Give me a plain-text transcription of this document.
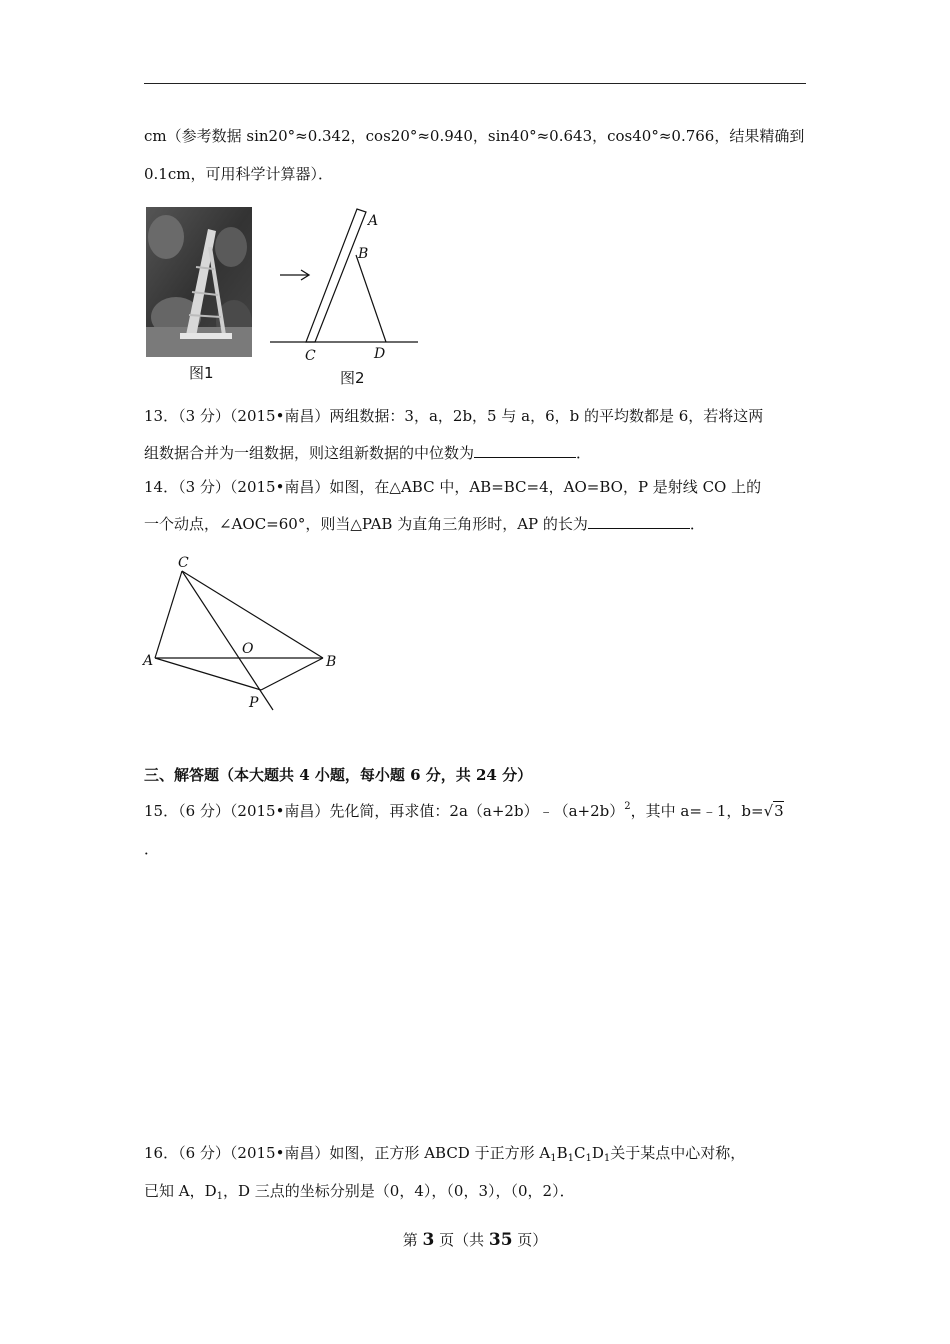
cm（参考数据 sin20°≈0.342，cos20°≈0.940，sin40°≈0.643，cos40°≈0.766，结果精确到
0.1cm，可用科学计算器）．
图1
A
B
C	D
图2
13．（3 分）（2015•南昌）两组数据：3，a，2b，5 与 a，6，b 的平均数都是 6，若将这两
组数据合并为一组数据，则这组新数据的中位数为	．
14．（3 分）（2015•南昌）如图，在△ABC 中，AB=BC=4，AO=BO，P 是射线 CO 上的
一个动点，∠AOC=60°，则当△PAB 为直角三角形时，AP 的长为	．
C
A
O
B
P
三、解答题（本大题共 4 小题，每小题 6 分，共 24 分）
15．（6 分）（2015•南昌）先化简，再求值：$2a(a+2b)﹣(a+2b)^2$，其中 a=﹣1，b=√3
．
16．（6 分）（2015•南昌）如图，正方形 ABCD 于正方形 $A_1B_1C_1D_1$关于某点中心对称，
已知 A，$D_1$，D 三点的坐标分别是（0，4），（0，3），（0，2）．
第 3 页（共 35 页）
